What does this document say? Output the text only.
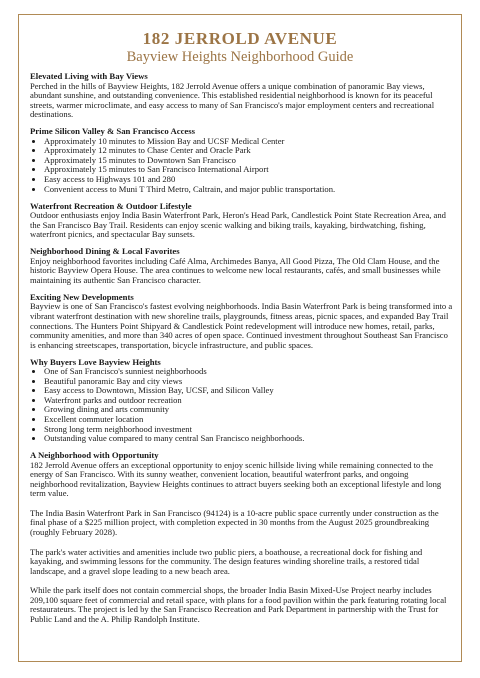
182 JERROLD AVENUE
Bayview Heights Neighborhood Guide
Elevated Living with Bay Views

Perched in the hills of Bayview Heights, 182 Jerrold Avenue offers a unique combination of panoramic Bay views, abundant sunshine, and outstanding convenience. This established residential neighborhood is known for its peaceful streets, warmer microclimate, and easy access to many of San Francisco's major employment centers and recreational destinations.

Prime Silicon Valley & San Francisco Access
• Approximately 10 minutes to Mission Bay and UCSF Medical Center
• Approximately 12 minutes to Chase Center and Oracle Park
• Approximately 15 minutes to Downtown San Francisco
• Approximately 15 minutes to San Francisco International Airport
• Easy access to Highways 101 and 280
• Convenient access to Muni T Third Metro, Caltrain, and major public transportation.
Waterfront Recreation & Outdoor Lifestyle

Outdoor enthusiasts enjoy India Basin Waterfront Park, Heron's Head Park, Candlestick Point State Recreation Area, and the San Francisco Bay Trail. Residents can enjoy scenic walking and biking trails, kayaking, birdwatching, fishing, waterfront picnics, and spectacular Bay sunsets.

Neighborhood Dining & Local Favorites

Enjoy neighborhood favorites including Café Alma, Archimedes Banya, All Good Pizza, The Old Clam House, and the historic Bayview Opera House. The area continues to welcome new local restaurants, cafés, and small businesses while maintaining its authentic San Francisco character.

Exciting New Developments

Bayview is one of San Francisco's fastest evolving neighborhoods. India Basin Waterfront Park is being transformed into a vibrant waterfront destination with new shoreline trails, playgrounds, fitness areas, picnic spaces, and expanded Bay Trail connections. The Hunters Point Shipyard & Candlestick Point redevelopment will introduce new homes, retail, parks, community amenities, and more than 340 acres of open space. Continued investment throughout Southeast San Francisco is enhancing streetscapes, transportation, bicycle infrastructure, and public spaces.

Why Buyers Love Bayview Heights
• One of San Francisco's sunniest neighborhoods
• Beautiful panoramic Bay and city views
• Easy access to Downtown, Mission Bay, UCSF, and Silicon Valley
• Waterfront parks and outdoor recreation
• Growing dining and arts community
• Excellent commuter location
• Strong long term neighborhood investment
• Outstanding value compared to many central San Francisco neighborhoods.
A Neighborhood with Opportunity

182 Jerrold Avenue offers an exceptional opportunity to enjoy scenic hillside living while remaining connected to the energy of San Francisco. With its sunny weather, convenient location, beautiful waterfront parks, and ongoing neighborhood revitalization, Bayview Heights continues to attract buyers seeking both an exceptional lifestyle and long term value.

The India Basin Waterfront Park in San Francisco (94124) is a 10-acre public space currently under construction as the final phase of a $225 million project, with completion expected in 30 months from the August 2025 groundbreaking (roughly February 2028).

The park's water activities and amenities include two public piers, a boathouse, a recreational dock for fishing and kayaking, and swimming lessons for the community. The design features winding shoreline trails, a restored tidal landscape, and a gravel slope leading to a new beach area.

While the park itself does not contain commercial shops, the broader India Basin Mixed-Use Project nearby includes 209,100 square feet of commercial and retail space, with plans for a food pavilion within the park featuring rotating local restaurateurs. The project is led by the San Francisco Recreation and Park Department in partnership with the Trust for Public Land and the A. Philip Randolph Institute.
